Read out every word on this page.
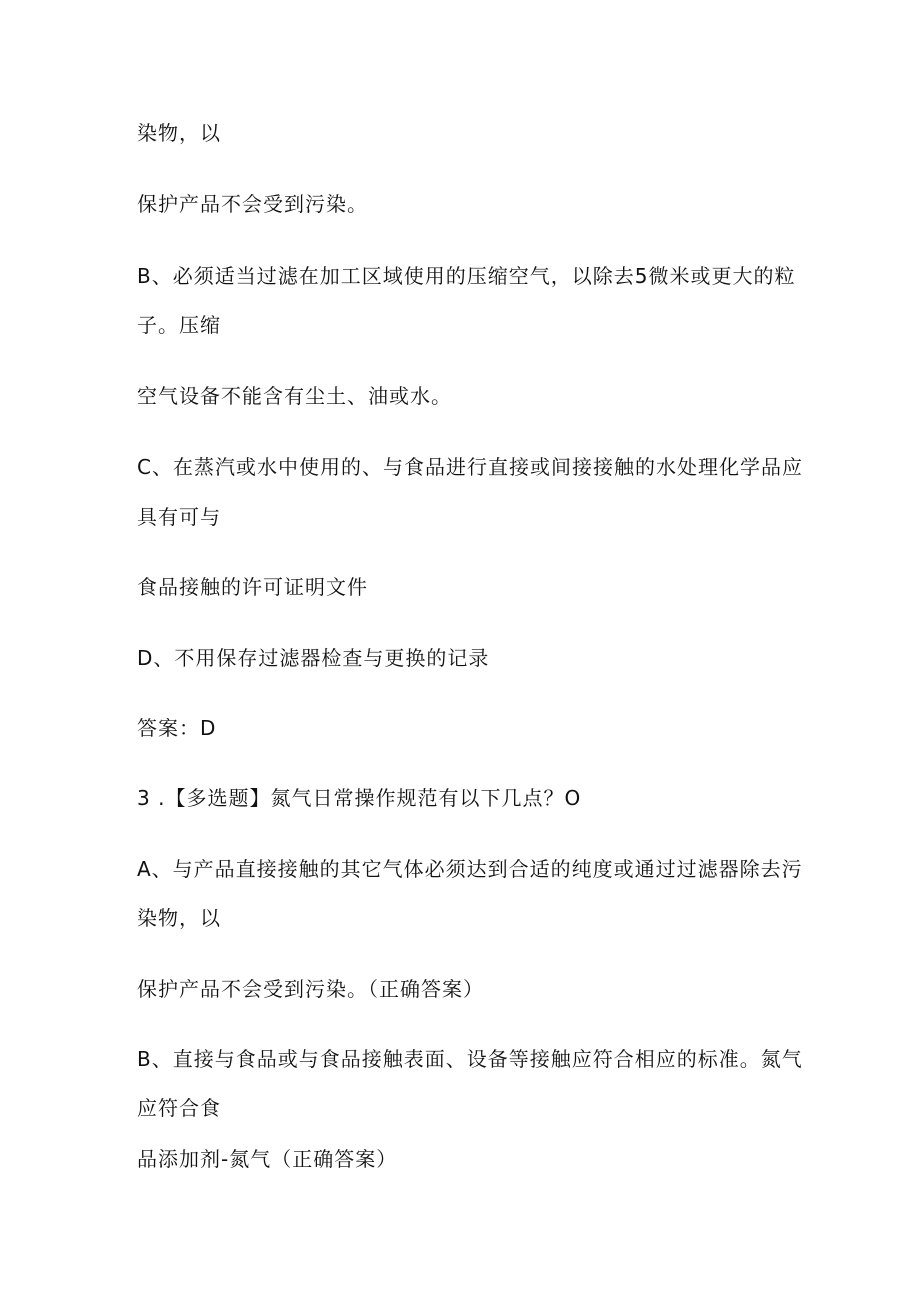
染物，以
保护产品不会受到污染。
B、必须适当过滤在加工区域使用的压缩空气，以除去5微米或更大的粒
子。压缩
空气设备不能含有尘土、油或水。
C、在蒸汽或水中使用的、与食品进行直接或间接接触的水处理化学品应
具有可与
食品接触的许可证明文件
D、不用保存过滤器检查与更换的记录
答案：D
3 .【多选题】氮气日常操作规范有以下几点？O
A、与产品直接接触的其它气体必须达到合适的纯度或通过过滤器除去污
染物，以
保护产品不会受到污染。（正确答案）
B、直接与食品或与食品接触表面、设备等接触应符合相应的标准。氮气
应符合食
品添加剂-氮气（正确答案）
